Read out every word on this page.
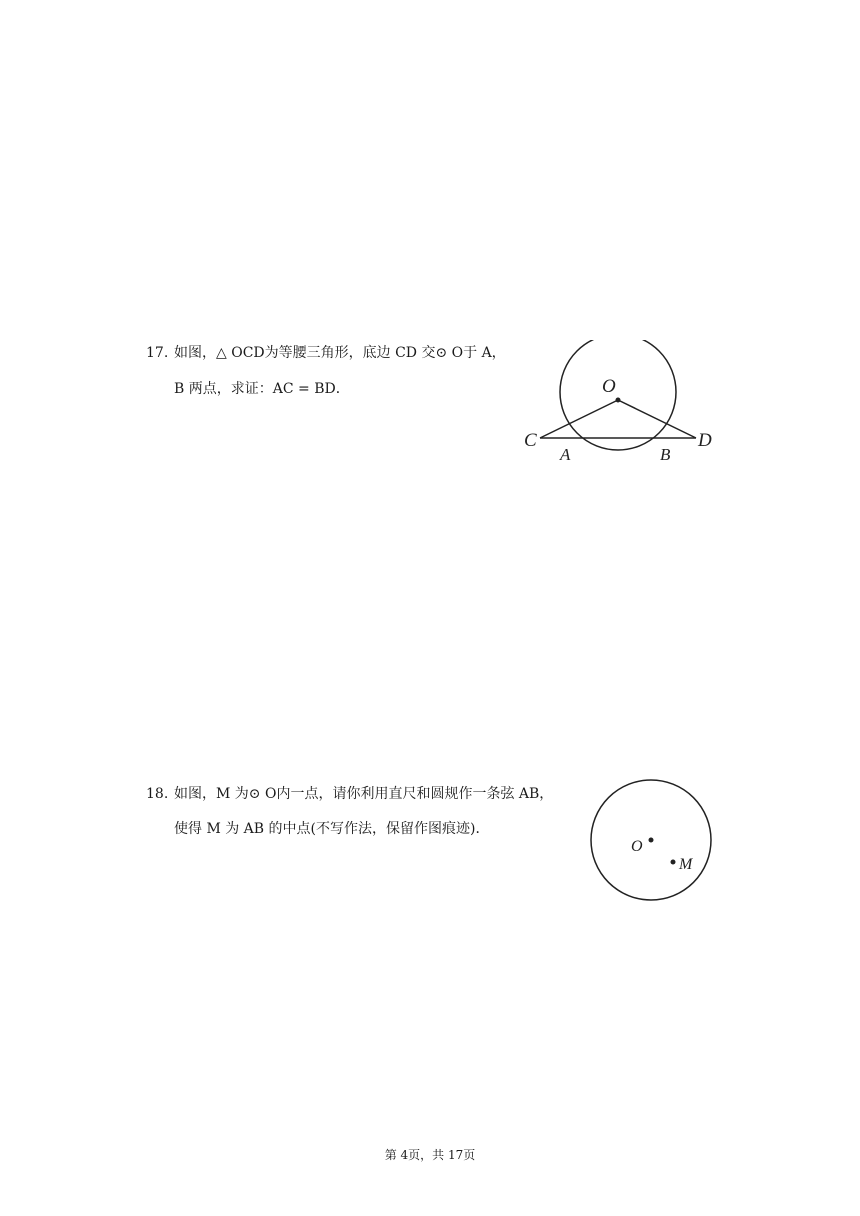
17. 如图，△ OCD为等腰三角形，底边 CD 交⊙ O于 A，
B 两点，求证：AC = BD．	O
C
A	B
D
18. 如图，M 为⊙ O内一点，请你利用直尺和圆规作一条弦 AB，
使得 M 为 AB 的中点(不写作法，保留作图痕迹)．
O
M
第 4页，共 17页
